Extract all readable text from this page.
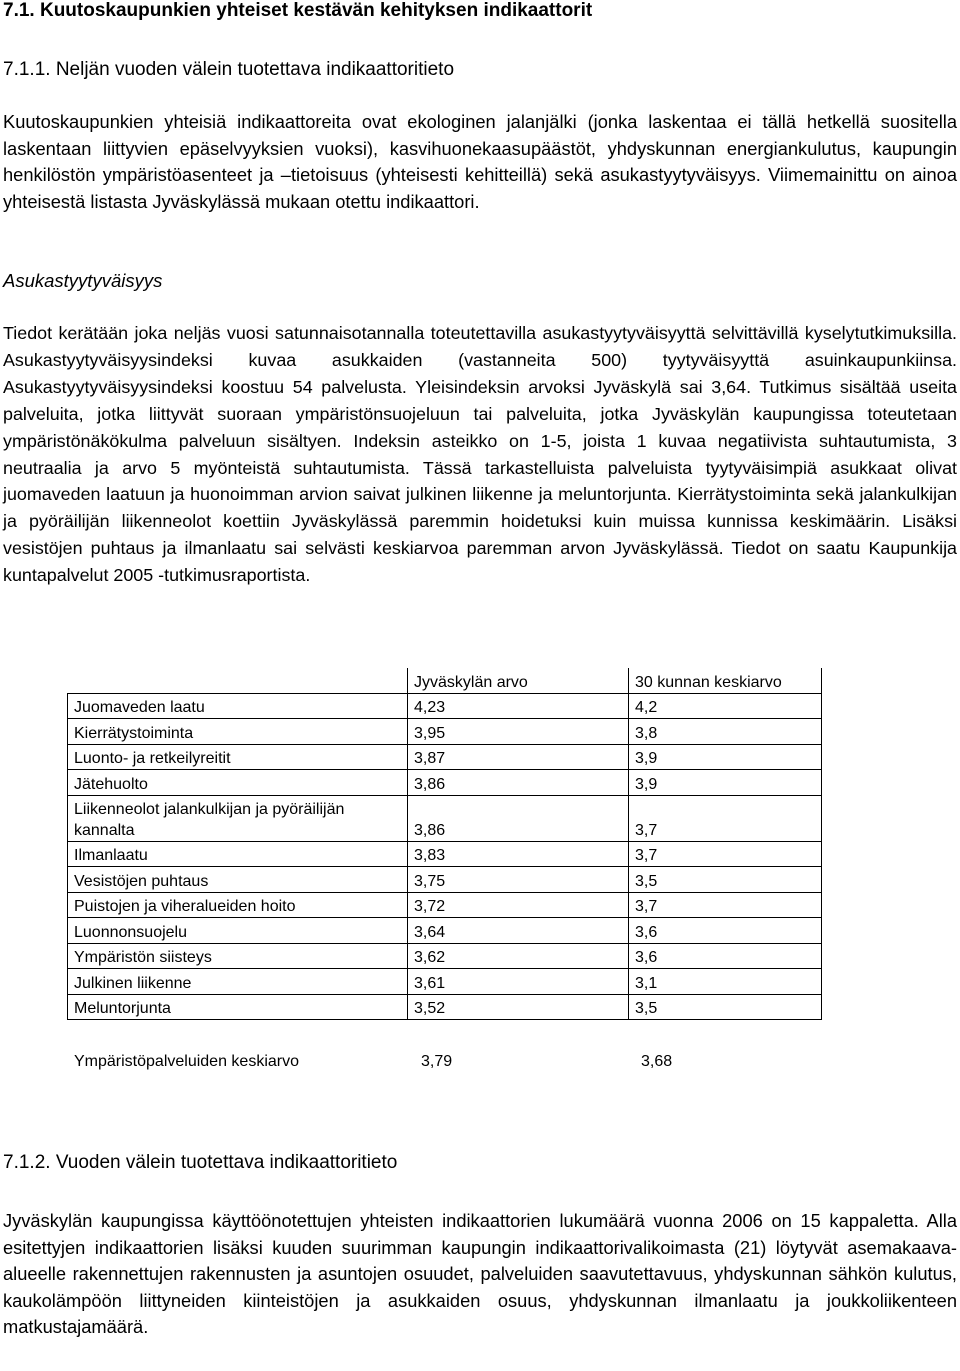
7.1. Kuutoskaupunkien yhteiset kestävän kehityksen indikaattorit
7.1.1. Neljän vuoden välein tuotettava indikaattoritieto
Kuutoskaupunkien yhteisiä indikaattoreita ovat ekologinen jalanjälki (jonka laskentaa ei tällä hetkellä suositella laskentaan liittyvien epäselvyyksien vuoksi), kasvihuonekaasupäästöt, yhdyskunnan energiankulutus, kaupungin henkilöstön ympäristöasenteet ja –tietoisuus (yhteisesti kehitteillä) sekä asukastyytyväisyys. Viimemainittu on ainoa yhteisestä listasta Jyväskylässä mukaan otettu indikaattori.
Asukastyytyväisyys
Tiedot kerätään joka neljäs vuosi satunnaisotannalla toteutettavilla asukastyytyväisyyttä selvittävillä kyselytutkimuksilla. Asukastyytyväisyysindeksi kuvaa asukkaiden (vastanneita 500) tyytyväisyyttä asuinkaupunkiinsa. Asukastyytyväisyysindeksi koostuu 54 palvelusta. Yleisindeksin arvoksi Jyväskylä sai 3,64. Tutkimus sisältää useita palveluita, jotka liittyvät suoraan ympäristönsuojeluun tai palveluita, jotka Jyväskylän kaupungissa toteutetaan ympäristönäkökulma palveluun sisältyen. Indeksin asteikko on 1-5, joista 1 kuvaa negatiivista suhtautumista, 3 neutraalia ja arvo 5 myönteistä suhtautumista. Tässä tarkastelluista palveluista tyytyväisimpiä asukkaat olivat juomaveden laatuun ja huonoimman arvion saivat julkinen liikenne ja meluntorjunta. Kierrätystoiminta sekä jalankulkijan ja pyöräilijän liikenneolot koettiin Jyväskylässä paremmin hoidetuksi kuin muissa kunnissa keskimäärin. Lisäksi vesistöjen puhtaus ja ilmanlaatu sai selvästi keskiarvoa paremman arvon Jyväskylässä. Tiedot on saatu Kaupunkija kuntapalvelut 2005 -tutkimusraportista.
	Jyväskylän arvo	30 kunnan keskiarvo
Juomaveden laatu	4,23	4,2
Kierrätystoiminta	3,95	3,8
Luonto- ja retkeilyreitit	3,87	3,9
Jätehuolto	3,86	3,9
Liikenneolot jalankulkijan ja pyöräilijän kannalta	3,86	3,7
Ilmanlaatu	3,83	3,7
Vesistöjen puhtaus	3,75	3,5
Puistojen ja viheralueiden hoito	3,72	3,7
Luonnonsuojelu	3,64	3,6
Ympäristön siisteys	3,62	3,6
Julkinen liikenne	3,61	3,1
Meluntorjunta	3,52	3,5
Ympäristöpalveluiden keskiarvo	3,79	3,68
7.1.2. Vuoden välein tuotettava indikaattoritieto
Jyväskylän kaupungissa käyttöönotettujen yhteisten indikaattorien lukumäärä vuonna 2006 on 15 kappaletta. Alla esitettyjen indikaattorien lisäksi kuuden suurimman kaupungin indikaattorivalikoimasta (21) löytyvät asemakaava-alueelle rakennettujen rakennusten ja asuntojen osuudet, palveluiden saavutettavuus, yhdyskunnan sähkön kulutus, kaukolämpöön liittyneiden kiinteistöjen ja asukkaiden osuus, yhdyskunnan ilmanlaatu ja joukkoliikenteen matkustajamäärä.
